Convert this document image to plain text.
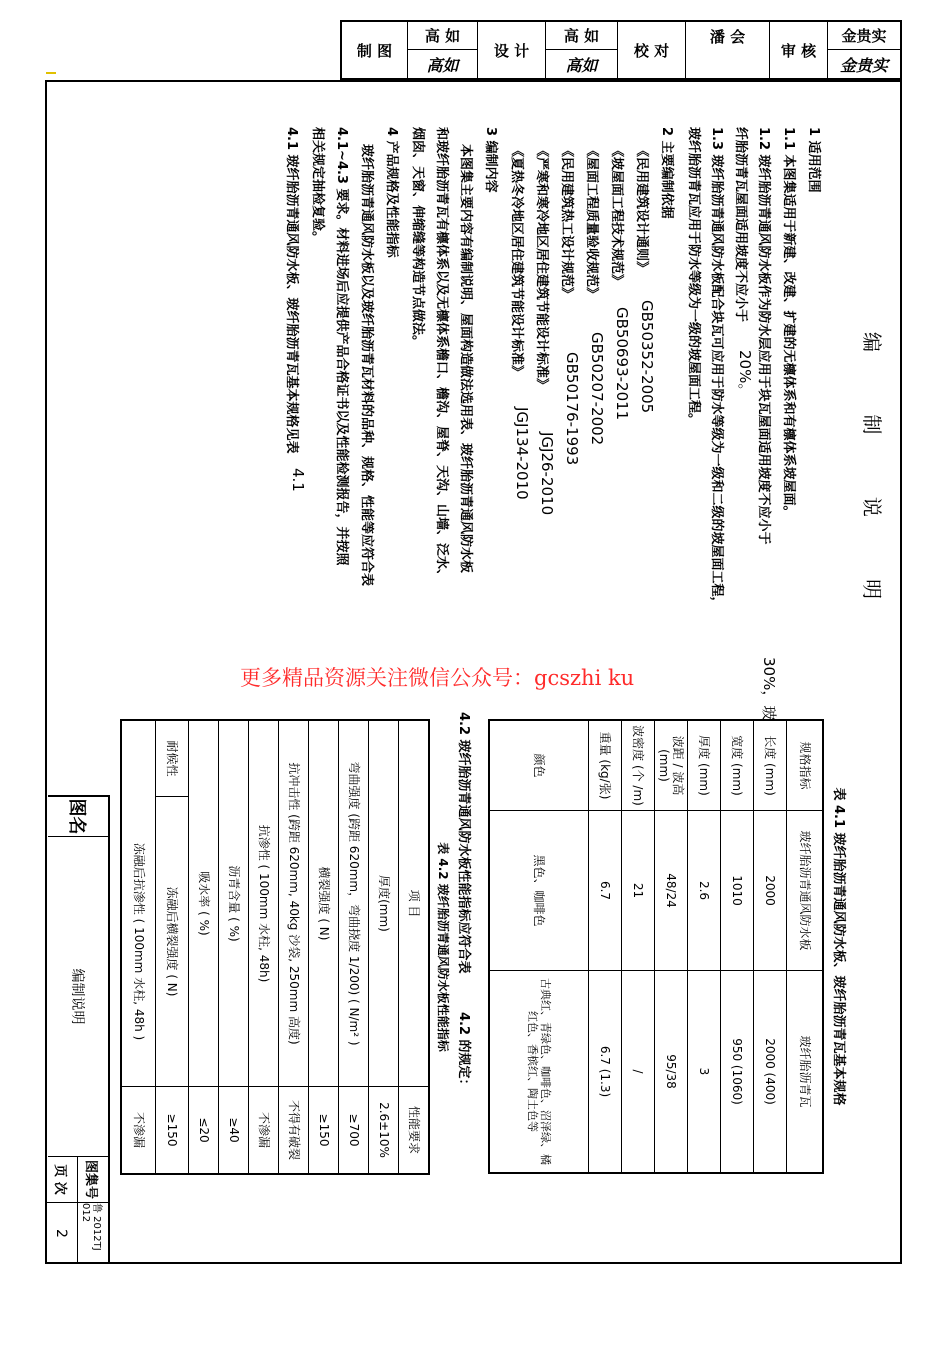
制 图
高 如
高如
设 计
高 如
高如
校 对
潘 会
审 核
金贵实
金贵实
编 制 说 明
1 适用范围
1.1 本图集适用于新建、改建、扩建的无檩体系和有檩体系坡屋面。
1.2 玻纤胎沥青通风防水板作为防水层应用于块瓦屋面适用坡度不应小于
30%，玻
纤胎沥青瓦屋面适用坡度不应小于
20%。
1.3 玻纤胎沥青通风防水板配合块瓦可应用于防水等级为一级和二级的坡屋面工程，
玻纤胎沥青瓦应用于防水等级为一级的坡屋面工程。
2 主要编制依据
《民用建筑设计通则》
GB50352-2005
《坡屋面工程技术规范》
GB50693-2011
《屋面工程质量验收规范》
GB50207-2002
《民用建筑热工设计规范》
GB50176-1993
《严寒和寒冷地区居住建筑节能设计标准》
JGJ26-2010
《夏热冬冷地区居住建筑节能设计标准》
JGJ134-2010
3 编制内容
本图集主要内容有编制说明、屋面构造做法选用表、玻纤胎沥青通风防水板
和玻纤胎沥青瓦有檩体系以及无檩体系檐口、檐沟、屋脊、天沟、山墙、泛水、
烟囱、天窗、伸缩缝等构造节点做法。
4 产品规格及性能指标
玻纤胎沥青通风防水板以及玻纤胎沥青瓦材料的品种、规格、性能等应符合表
4.1~4.3 要求。材料进场后应提供产品合格证书以及性能检测报告，并按照
相关规定抽检复验。
4.1 玻纤胎沥青通风防水板、玻纤胎沥青瓦基本规格见表
4.1
4.2 玻纤胎沥青通风防水板性能指标应符合表
4.2 的规定：	表 4.1 玻纤胎沥青通风防水板、玻纤胎沥青瓦基本规格
规格指标
玻纤胎沥青通风防水板
玻纤胎沥青瓦
长度 (mm)
2000
2000 (400)
宽度 (mm)
1010
950 (1060)
厚度 (mm)
2.6
3
波距 / 波高 (mm)
48/24
95/38
波密度 (个 /m)
21
/
重量 (kg/张)
6.7
6.7 (1.3)
颜色
黑色、咖啡色
古典红、青绿色、咖啡色、沼泽绿、橘红色、香槟红、陶土色等
表 4.2 玻纤胎沥青通风防水板性能指标
项 目
性能要求
厚度(mm)
2.6±10%
弯曲强度 (跨距 620mm，弯曲挠度 1/200) ( N/m² )
≥700
横裂强度 ( N)
≥150
抗冲击性 (跨距 620mm, 40kg 沙袋, 250mm 高度)
不得有破裂
抗渗性 ( 100mm 水柱, 48h)
不渗漏
沥青含量 ( %)
≥40
吸水率 ( %)
≤20
耐候性
冻融后横裂强度 ( N)
≥150
冻融后抗渗性 ( 100mm 水柱, 48h )
不渗漏
图名
编制说明
图集号
鲁 2012TJ 012
页 次
2
更多精品资源关注微信公众号：gcszhi ku
